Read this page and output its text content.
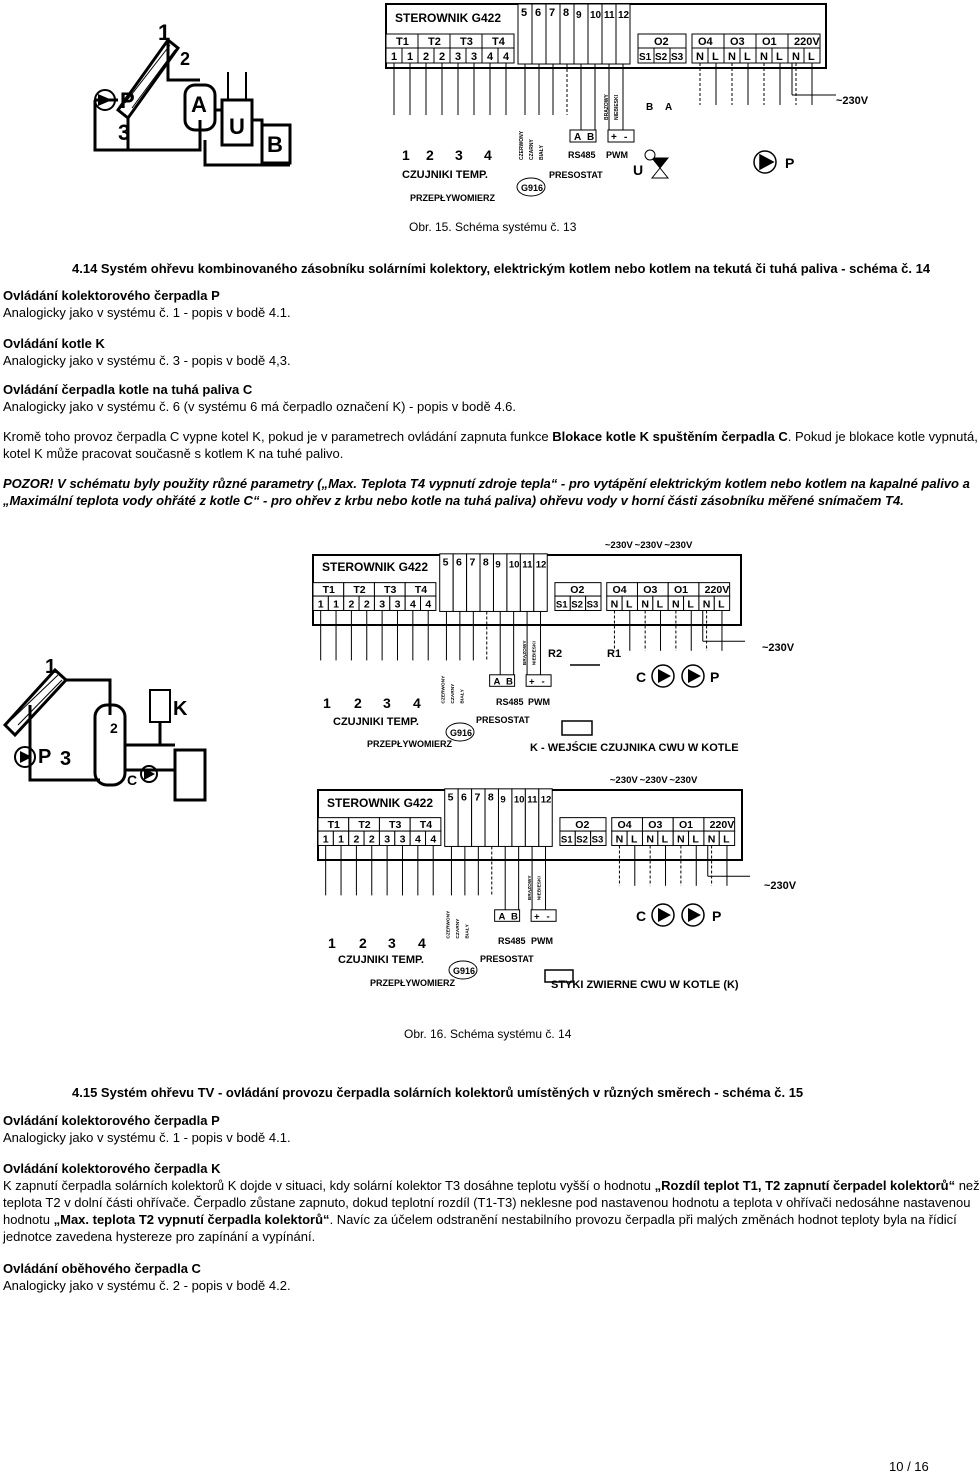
1
P
3
2
A
U
B
STEROWNIK G422
T1 T2 T3 T4
1 1 2 2 3 3 4 4
5 6 7 8 9 10 11 12
A B + -
CZERWONY CZARNY BIAŁY
BRĄZOWY NIEBIESKI
O2
S1 S2 S3
O4 O3 O1 220V
N L N L N L N L
B A
1 2 3 4
CZUJNIKI TEMP.
PRZEPŁYWOMIERZ
PRESOSTAT
RS485 PWM
U	P
~230V
G916
Obr. 15. Schéma systému č. 13
4.14 Systém ohřevu kombinovaného zásobníku solárními kolektory, elektrickým kotlem nebo kotlem na tekutá či tuhá paliva - schéma č. 14
Ovládání kolektorového čerpadla P
Analogicky jako v systému č. 1 - popis v bodě 4.1.
Ovládání kotle K
Analogicky jako v systému č. 3 - popis v bodě 4,3.
Ovládání čerpadla kotle na tuhá paliva C
Analogicky jako v systému č. 6 (v systému 6 má čerpadlo označení K) - popis v bodě 4.6.
Kromě toho provoz čerpadla C vypne kotel K, pokud je v parametrech ovládání zapnuta funkce Blokace kotle K spuštěním čerpadla C. Pokud je blokace kotle vypnutá,
kotel K může pracovat současně s kotlem K na tuhé palivo.
POZOR! V schématu byly použity různé parametry („Max. Teplota T4 vypnutí zdroje tepla“ - pro vytápění elektrickým kotlem nebo kotlem na kapalné palivo a
„Maximální teplota vody ohřáté z kotle C“ - pro ohřev z krbu nebo kotle na tuhá paliva) ohřevu vody v horní části zásobníku měřené snímačem T4.
P 3
1
K
2
C
STEROWNIK G422
T1 T2 T3 T4
1 1 2 2 3 3 4 4
5 6 7 8 9 10 11 12
A B + -
CZERWONY CZARNY BIAŁY
BRĄZOWY NIEBIESKI
O2
S1 S2 S3
O4 O3 O1 220V
N L N L N L N L
~230V ~230V ~230V
STEROWNIK G422
T1 T2 T3 T4
1 1 2 2 3 3 4 4
5 6 7 8 9 10 11 12
A B + -
CZERWONY CZARNY BIAŁY
BRĄZOWY NIEBIESKI
O2
S1 S2 S3
O4 O3 O1 220V
N L N L N L N L
~230V ~230V ~230V
1 2 3 4
CZUJNIKI TEMP.
PRZEPŁYWOMIERZ
PRESOSTAT
RS485 PWM
R2	R1
C	P
~230V
K - WEJŚCIE CZUJNIKA CWU W KOTLE
1 2 3 4
CZUJNIKI TEMP.
PRZEPŁYWOMIERZ
PRESOSTAT
RS485 PWM
C	P
~230V
STYKI ZWIERNE CWU W KOTLE (K)
G916
G916
Obr. 16. Schéma systému č. 14
4.15 Systém ohřevu TV - ovládání provozu čerpadla solárních kolektorů umístěných v různých směrech - schéma č. 15
Ovládání kolektorového čerpadla P
Analogicky jako v systému č. 1 - popis v bodě 4.1.
Ovládání kolektorového čerpadla K
K zapnutí čerpadla solárních kolektorů K dojde v situaci, kdy solární kolektor T3 dosáhne teplotu vyšší o hodnotu „Rozdíl teplot T1, T2 zapnutí čerpadel kolektorů“ než
teplota T2 v dolní části ohřívače. Čerpadlo zůstane zapnuto, dokud teplotní rozdíl (T1-T3) neklesne pod nastavenou hodnotu a teplota v ohřívači nedosáhne nastavenou
hodnotu „Max. teplota T2 vypnutí čerpadla kolektorů“. Navíc za účelem odstranění nestabilního provozu čerpadla při malých změnách hodnot teploty byla na řídicí
jednotce zavedena hystereze pro zapínání a vypínání.
Ovládání oběhového čerpadla C
Analogicky jako v systému č. 2 - popis v bodě 4.2.
10 / 16
